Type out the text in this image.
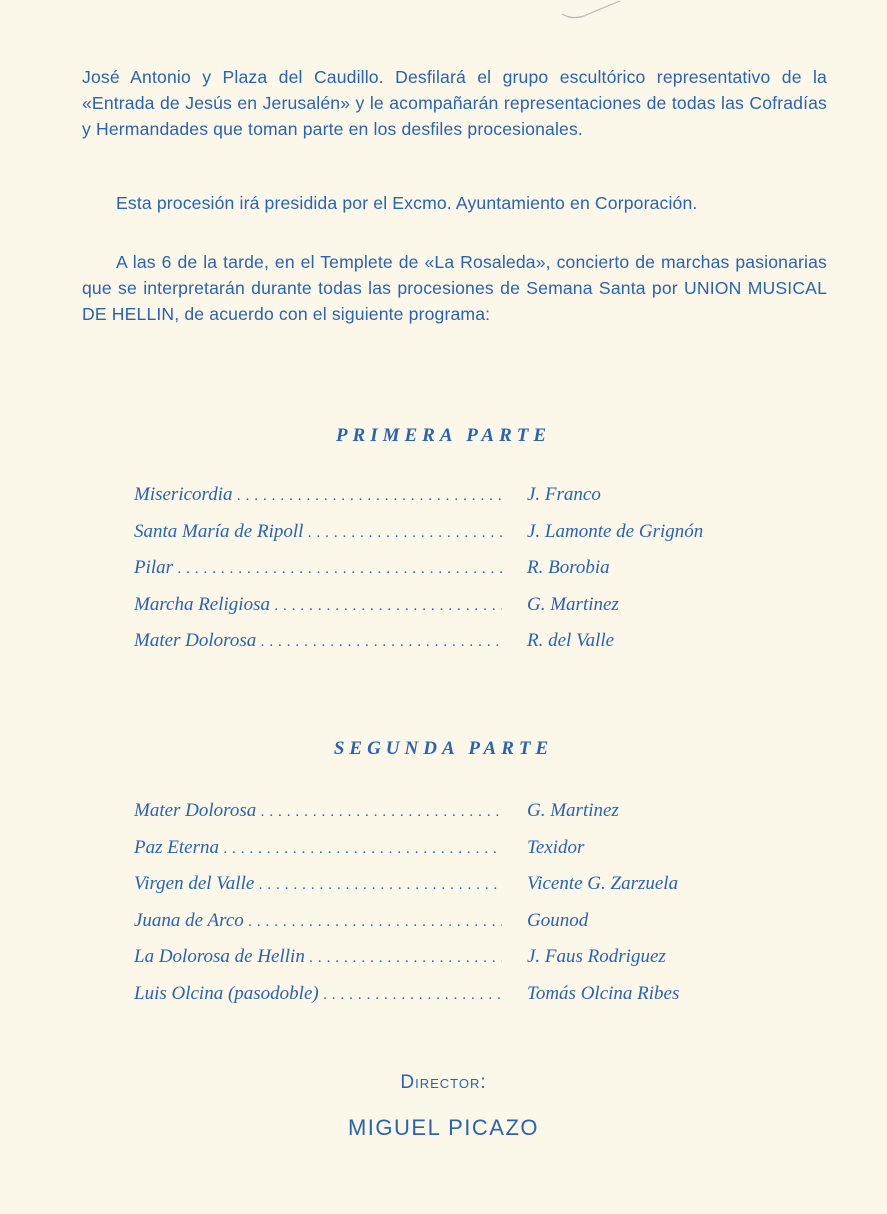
José Antonio y Plaza del Caudillo. Desfilará el grupo escultórico representativo de la «Entrada de Jesús en Jerusalén» y le acompañarán representaciones de todas las Cofradías y Hermandades que toman parte en los desfiles procesionales.

Esta procesión irá presidida por el Excmo. Ayuntamiento en Corporación.

A las 6 de la tarde, en el Templete de «La Rosaleda», concierto de marchas pasionarias que se interpretarán durante todas las procesiones de Semana Santa por UNION MUSICAL DE HELLIN, de acuerdo con el siguiente programa:

PRIMERA PARTE
Misericordia . . .	J. Franco
Santa María de Ripoll . . .	J. Lamonte de Grignón
Pilar . . .	R. Borobia
Marcha Religiosa . . .	G. Martinez
Mater Dolorosa . . .	R. del Valle
SEGUNDA PARTE
Mater Dolorosa . . .	G. Martinez
Paz Eterna . . .	Texidor
Virgen del Valle . . .	Vicente G. Zarzuela
Juana de Arco . . .	Gounod
La Dolorosa de Hellin . . .	J. Faus Rodriguez
Luis Olcina (pasodoble) . . .	Tomás Olcina Ribes

Director:

MIGUEL PICAZO
